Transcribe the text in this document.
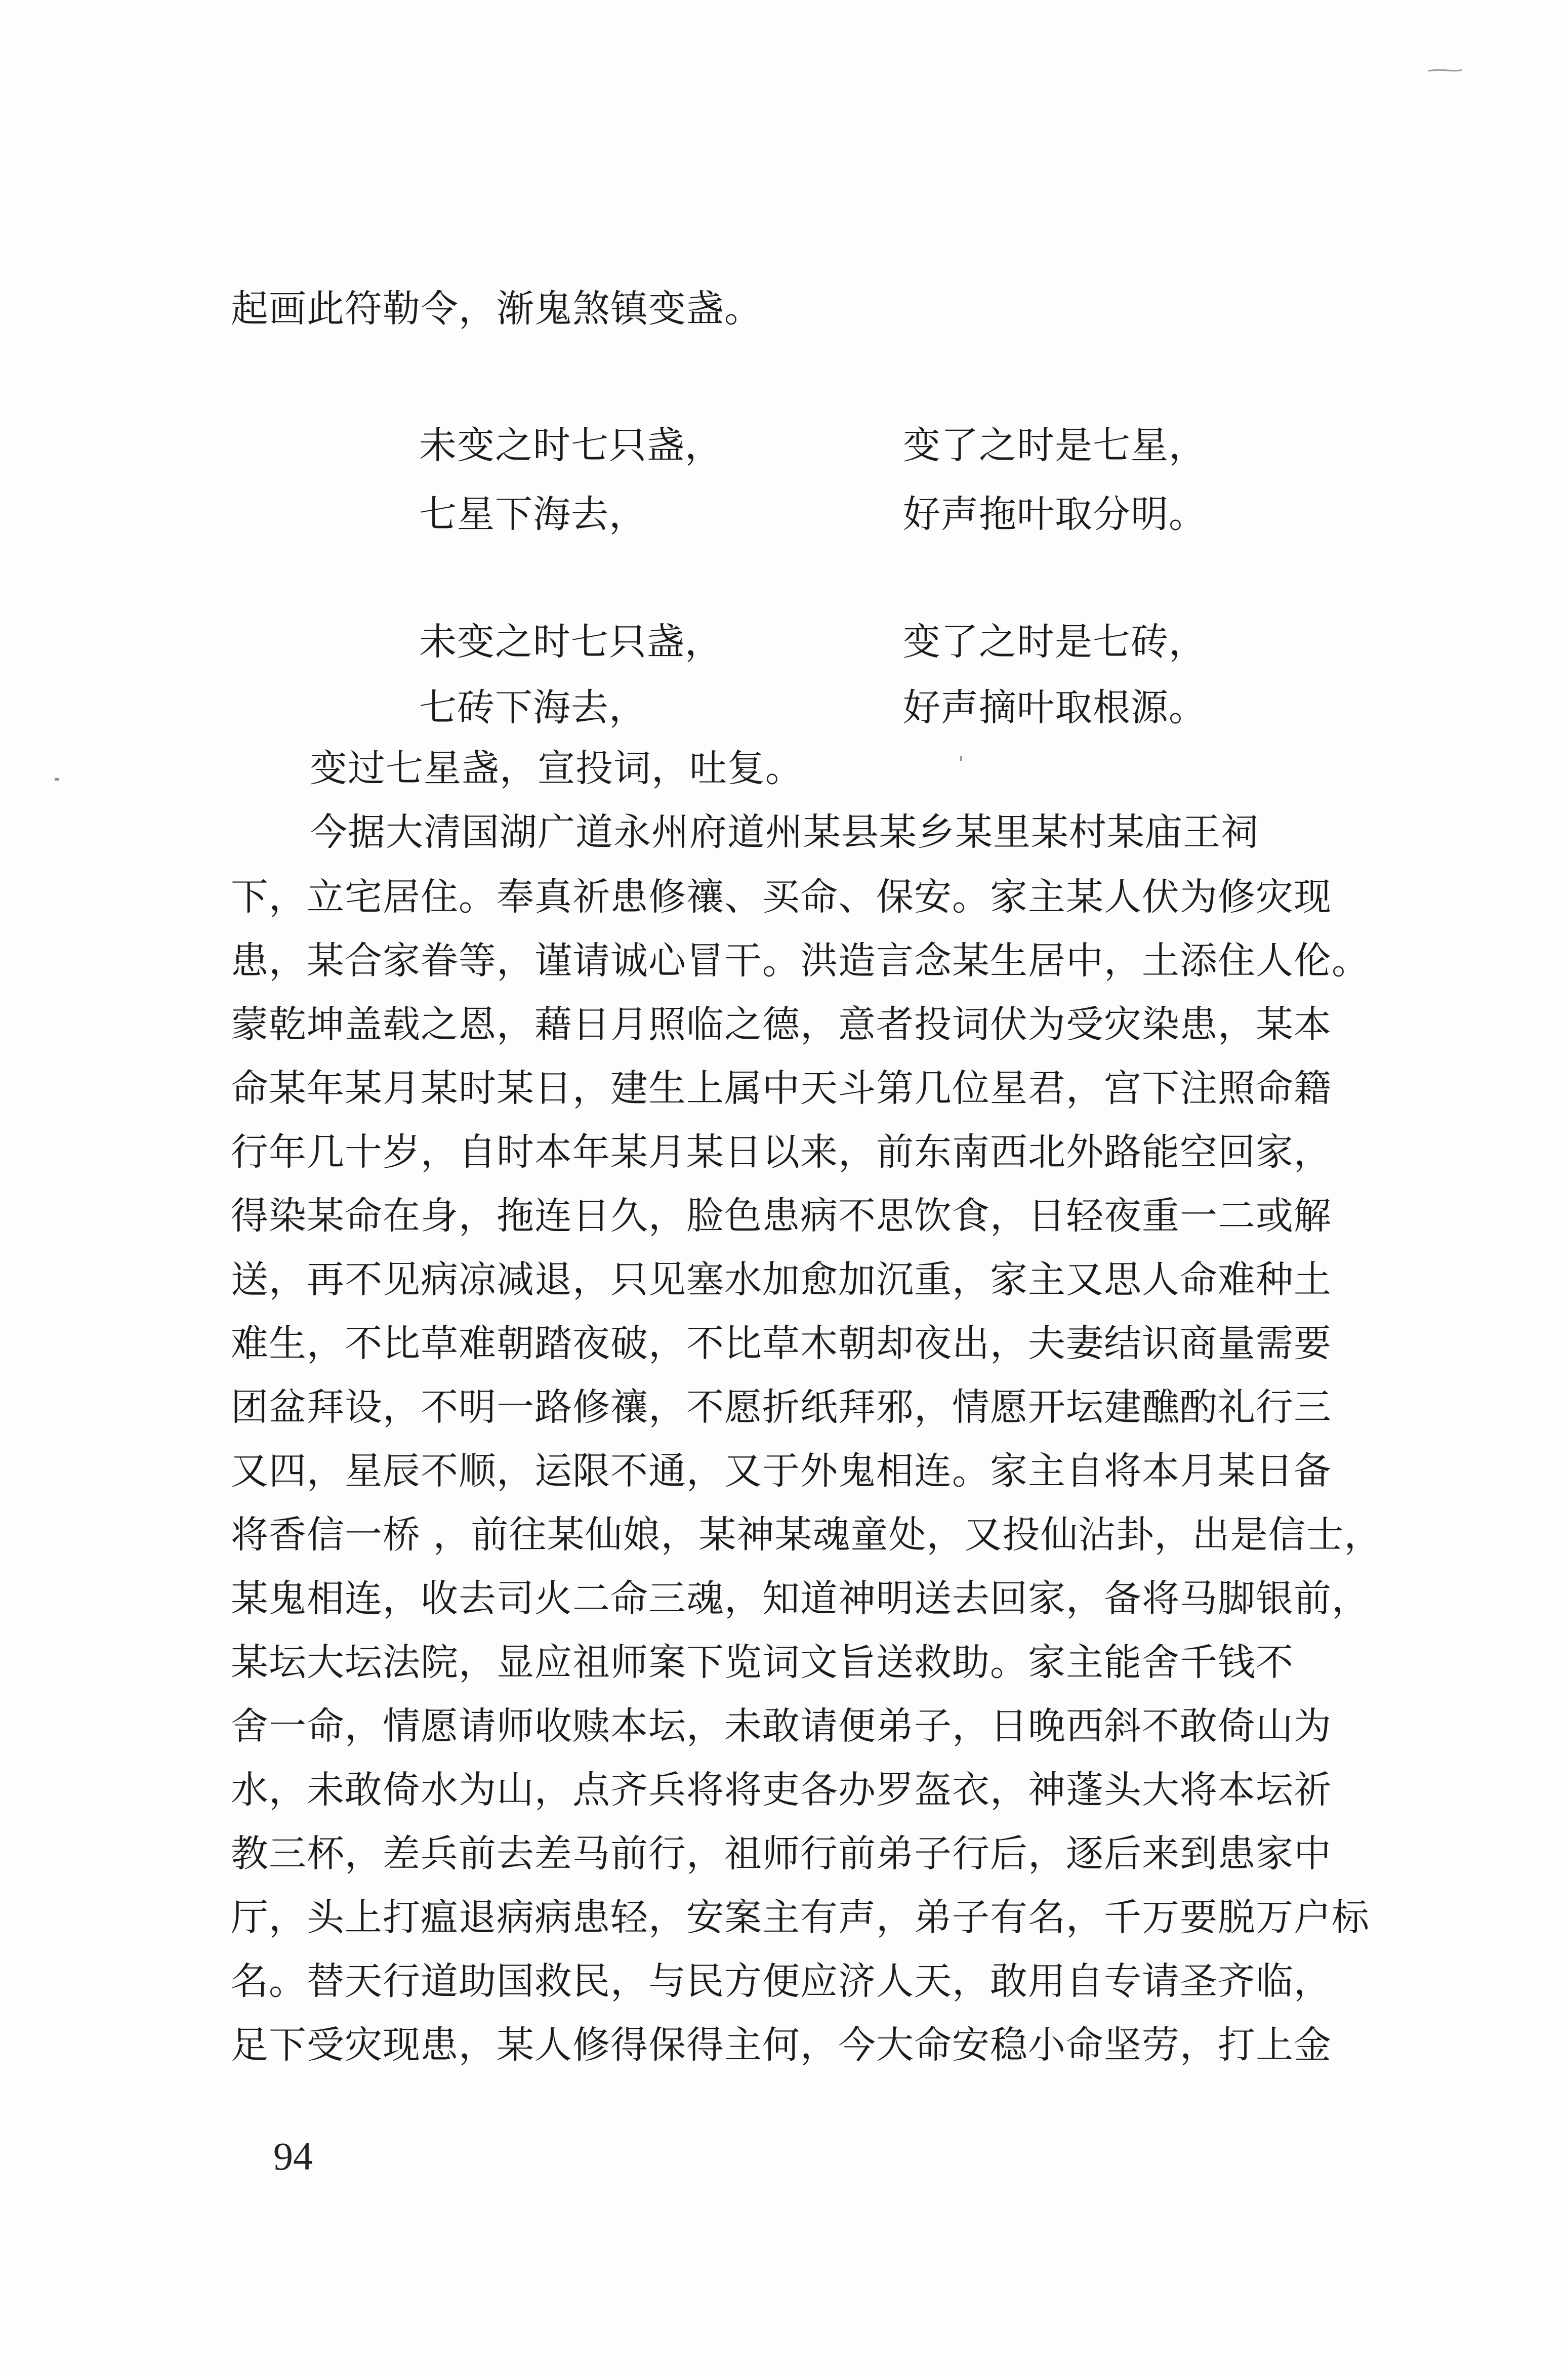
起画此符勒令，渐鬼煞镇变盏。
未变之时七只盏，	变了之时是七星，
七星下海去，	好声拖叶取分明。
未变之时七只盏，	变了之时是七砖，
七砖下海去，	好声摘叶取根源。
变过七星盏，宣投词，吐复。
今据大清国湖广道永州府道州某县某乡某里某村某庙王祠
下，立宅居住。奉真祈患修禳、买命、保安。家主某人伏为修灾现
患，某合家眷等，谨请诚心冒干。洪造言念某生居中，土添住人伦。
蒙乾坤盖载之恩，藉日月照临之德，意者投词伏为受灾染患，某本
命某年某月某时某日，建生上属中天斗第几位星君，宫下注照命籍
行年几十岁，自时本年某月某日以来，前东南西北外路能空回家，
得染某命在身，拖连日久，脸色患病不思饮食，日轻夜重一二或解
送，再不见病凉减退，只见塞水加愈加沉重，家主又思人命难种土
难生，不比草难朝踏夜破，不比草木朝却夜出，夫妻结识商量需要
团盆拜设，不明一路修禳，不愿折纸拜邪，情愿开坛建醮酌礼行三
又四，星辰不顺，运限不通，又于外鬼相连。家主自将本月某日备
将香信一桥 ，前往某仙娘，某神某魂童处，又投仙沾卦，出是信士，
某鬼相连，收去司火二命三魂，知道神明送去回家，备将马脚银前，
某坛大坛法院，显应祖师案下览词文旨送救助。家主能舍千钱不
舍一命，情愿请师收赎本坛，未敢请便弟子，日晚西斜不敢倚山为
水，未敢倚水为山，点齐兵将将吏各办罗盔衣，神蓬头大将本坛祈
教三杯，差兵前去差马前行，祖师行前弟子行后，逐后来到患家中
厅，头上打瘟退病病患轻，安案主有声，弟子有名，千万要脱万户标
名。替天行道助国救民，与民方便应济人天，敢用自专请圣齐临，
足下受灾现患，某人修得保得主何，今大命安稳小命坚劳，打上金
94
